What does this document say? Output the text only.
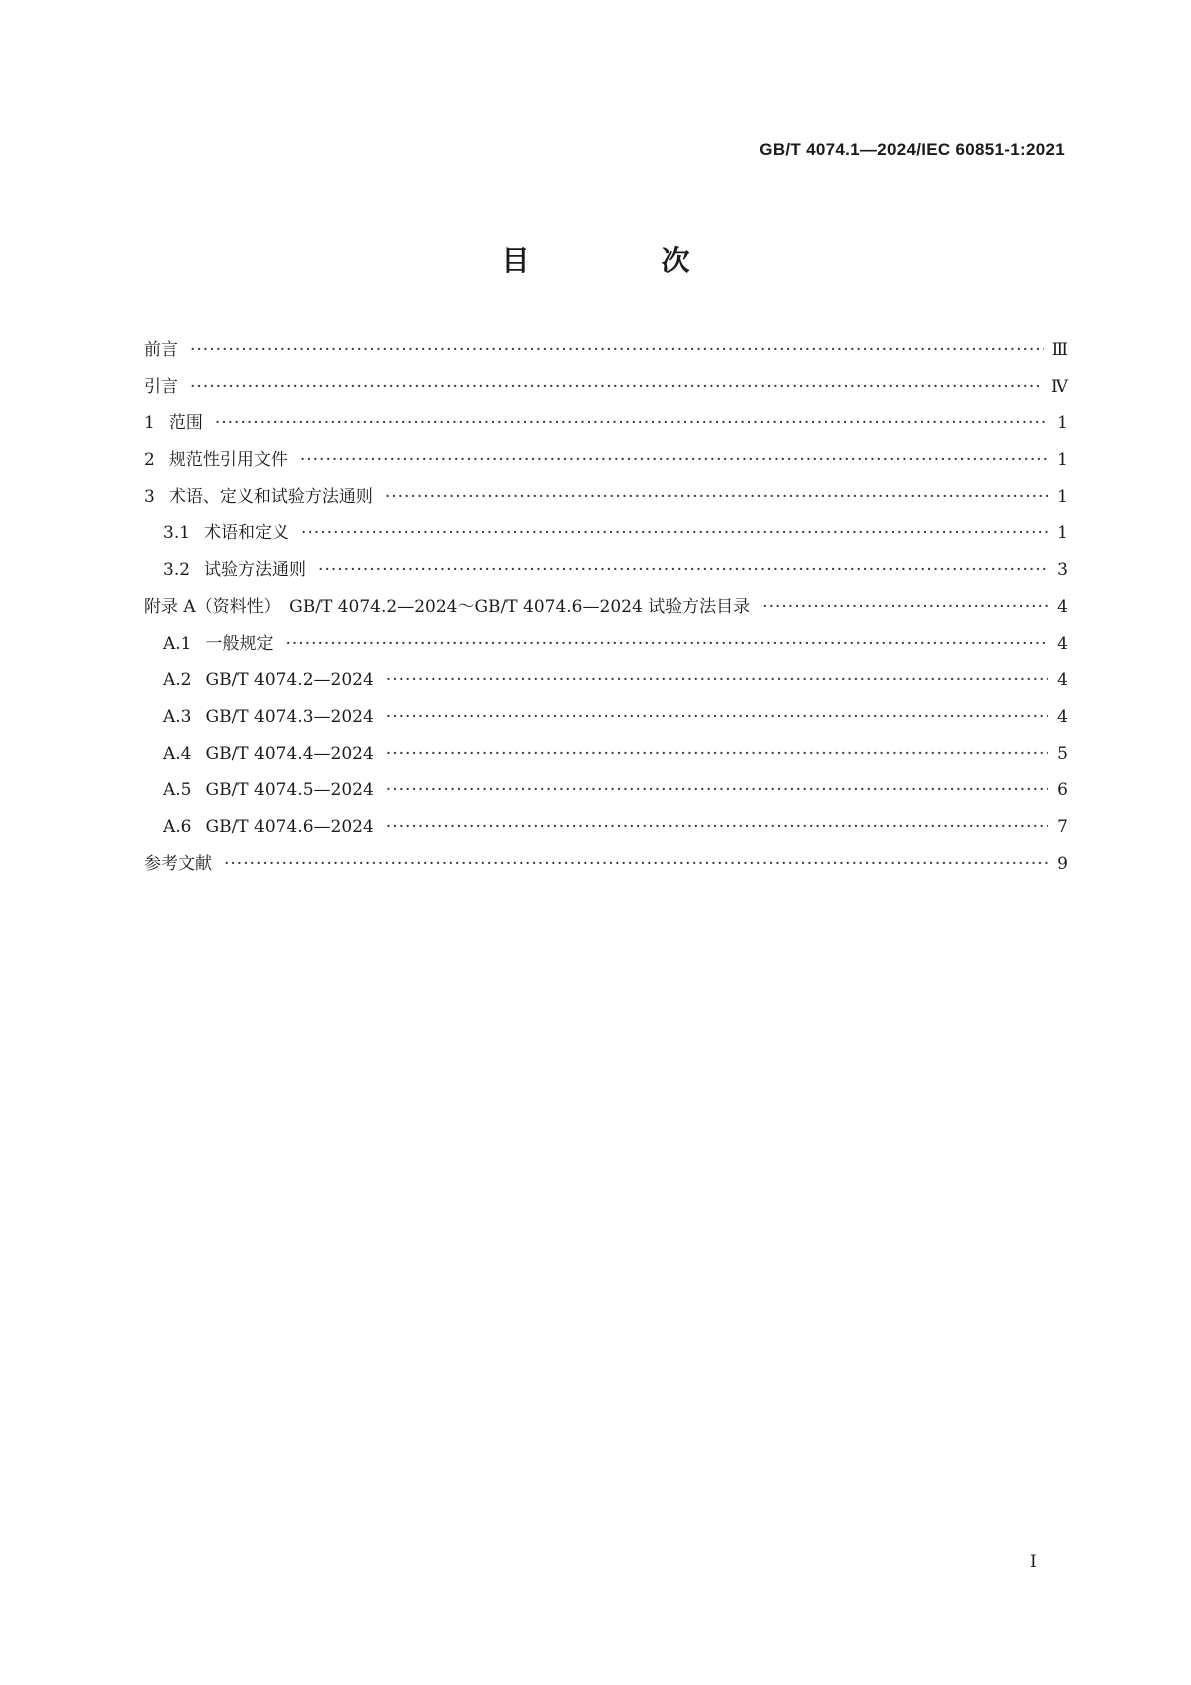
GB/T 4074.1—2024/IEC 60851-1:2021
目　次
前言 ·····	Ⅲ
引言 ·····	Ⅳ
1 范围 ·····	1
2 规范性引用文件 ·····	1
3 术语、定义和试验方法通则 ·····	1
3.1 术语和定义 ·····	1
3.2 试验方法通则 ·····	3
附录 A（资料性）　GB/T 4074.2—2024～GB/T 4074.6—2024 试验方法目录 ·····	4
A.1 一般规定 ·····	4
A.2 GB/T 4074.2—2024 ·····	4
A.3 GB/T 4074.3—2024 ·····	4
A.4 GB/T 4074.4—2024 ·····	5
A.5 GB/T 4074.5—2024 ·····	6
A.6 GB/T 4074.6—2024 ·····	7
参考文献 ·····	9
Ⅰ
